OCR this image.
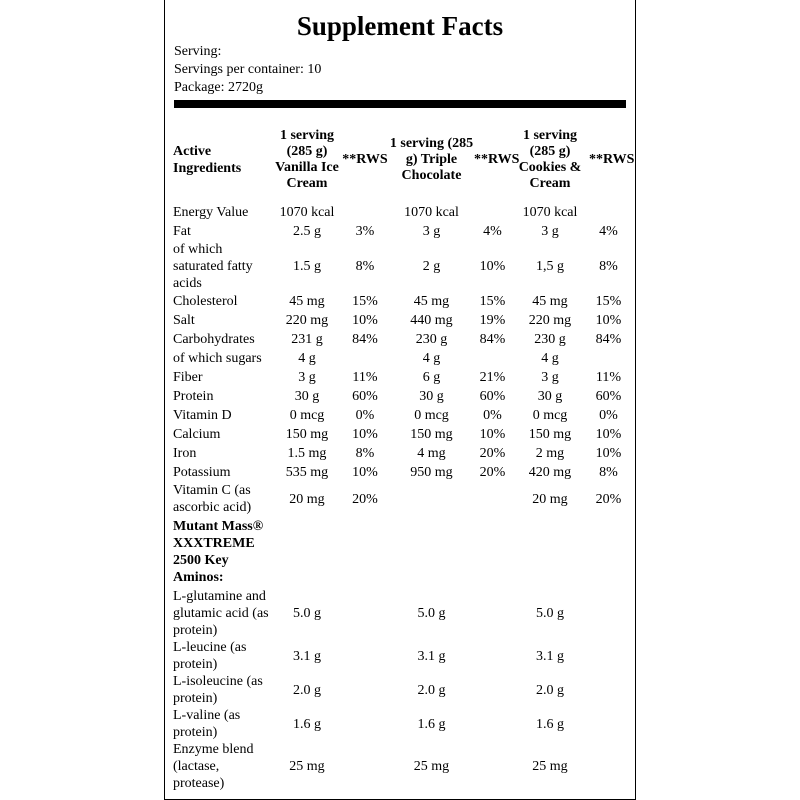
Supplement Facts
Serving:
Servings per container: 10
Package: 2720g
Active Ingredients	1 serving (285 g) Vanilla Ice Cream	**RWS	1 serving (285 g) Triple Chocolate	**RWS	1 serving (285 g) Cookies & Cream	**RWS
Energy Value	1070 kcal		1070 kcal		1070 kcal	
Fat	2.5 g	3%	3 g	4%	3 g	4%
of which saturated fatty acids	1.5 g	8%	2 g	10%	1,5 g	8%
Cholesterol	45 mg	15%	45 mg	15%	45 mg	15%
Salt	220 mg	10%	440 mg	19%	220 mg	10%
Carbohydrates	231 g	84%	230 g	84%	230 g	84%
of which sugars	4 g		4 g		4 g	
Fiber	3 g	11%	6 g	21%	3 g	11%
Protein	30 g	60%	30 g	60%	30 g	60%
Vitamin D	0 mcg	0%	0 mcg	0%	0 mcg	0%
Calcium	150 mg	10%	150 mg	10%	150 mg	10%
Iron	1.5 mg	8%	4 mg	20%	2 mg	10%
Potassium	535 mg	10%	950 mg	20%	420 mg	8%
Vitamin C (as ascorbic acid)	20 mg	20%			20 mg	20%
Mutant Mass® XXXTREME 2500 Key Aminos:						
L-glutamine and glutamic acid (as protein)	5.0 g		5.0 g		5.0 g	
L-leucine (as protein)	3.1 g		3.1 g		3.1 g	
L-isoleucine (as protein)	2.0 g		2.0 g		2.0 g	
L-valine (as protein)	1.6 g		1.6 g		1.6 g	
Enzyme blend (lactase, protease)	25 mg		25 mg		25 mg	
